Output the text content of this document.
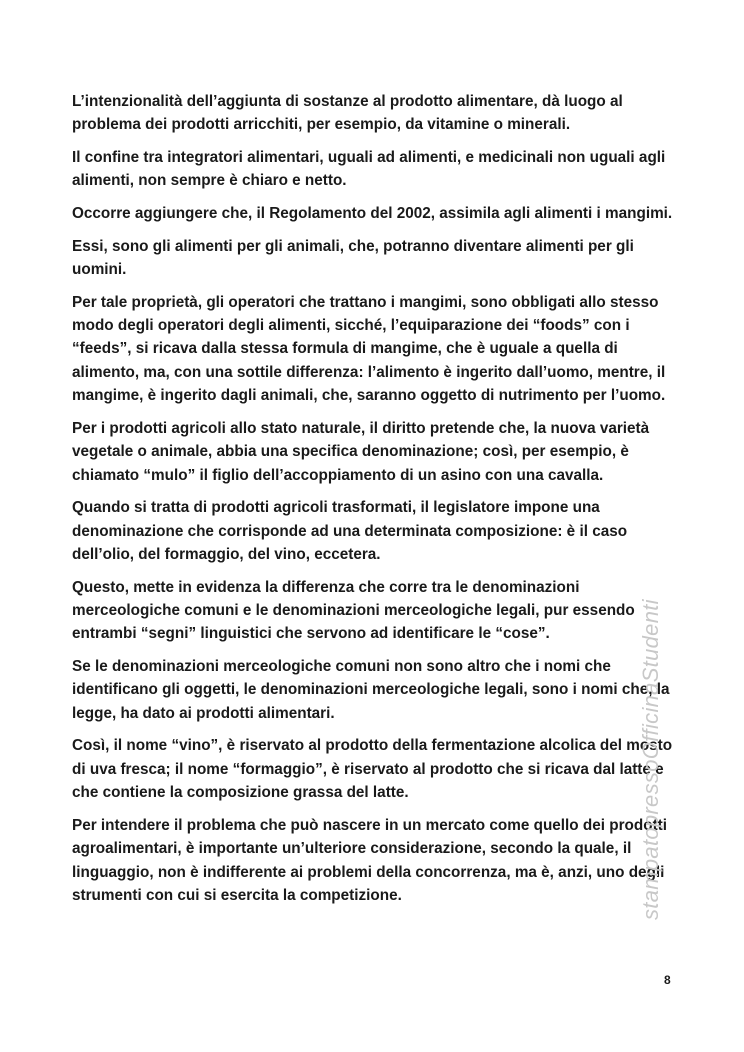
L’intenzionalità dell’aggiunta di sostanze al prodotto alimentare, dà luogo al problema dei prodotti arricchiti, per esempio, da vitamine o minerali.

Il confine tra integratori alimentari, uguali ad alimenti, e medicinali non uguali agli alimenti, non sempre è chiaro e netto.

Occorre aggiungere che, il Regolamento del 2002, assimila agli alimenti i mangimi.

Essi, sono gli alimenti per gli animali, che, potranno diventare alimenti per gli uomini.

Per tale proprietà, gli operatori che trattano i mangimi, sono obbligati allo stesso modo degli operatori degli alimenti, sicché, l’equiparazione dei “foods” con i “feeds”, si ricava dalla stessa formula di mangime, che è uguale a quella di alimento, ma, con una sottile differenza: l’alimento è ingerito dall’uomo, mentre, il mangime, è ingerito dagli animali, che, saranno oggetto di nutrimento per l’uomo.

Per i prodotti agricoli allo stato naturale, il diritto pretende che, la nuova varietà vegetale o animale, abbia una specifica denominazione; così, per esempio, è chiamato “mulo” il figlio dell’accoppiamento di un asino con una cavalla.

Quando si tratta di prodotti agricoli trasformati, il legislatore impone una denominazione che corrisponde ad una determinata composizione: è il caso dell’olio, del formaggio, del vino, eccetera.

Questo, mette in evidenza la differenza che corre tra le denominazioni merceologiche comuni e le denominazioni merceologiche legali, pur essendo entrambi “segni” linguistici che servono ad identificare le “cose”.

Se le denominazioni merceologiche comuni non sono altro che i nomi che identificano gli oggetti, le denominazioni merceologiche legali, sono i nomi che, la legge, ha dato ai prodotti alimentari.

Così, il nome “vino”, è riservato al prodotto della fermentazione alcolica del mosto di uva fresca; il nome “formaggio”, è riservato al prodotto che si ricava dal latte e che contiene la composizione grassa del latte.

Per intendere il problema che può nascere in un mercato come quello dei prodotti agroalimentari, è importante un’ulteriore considerazione, secondo la quale, il linguaggio, non è indifferente ai problemi della concorrenza, ma è, anzi, uno degli strumenti con cui si esercita la competizione.	stampatopressoOfficinaStudenti
8
